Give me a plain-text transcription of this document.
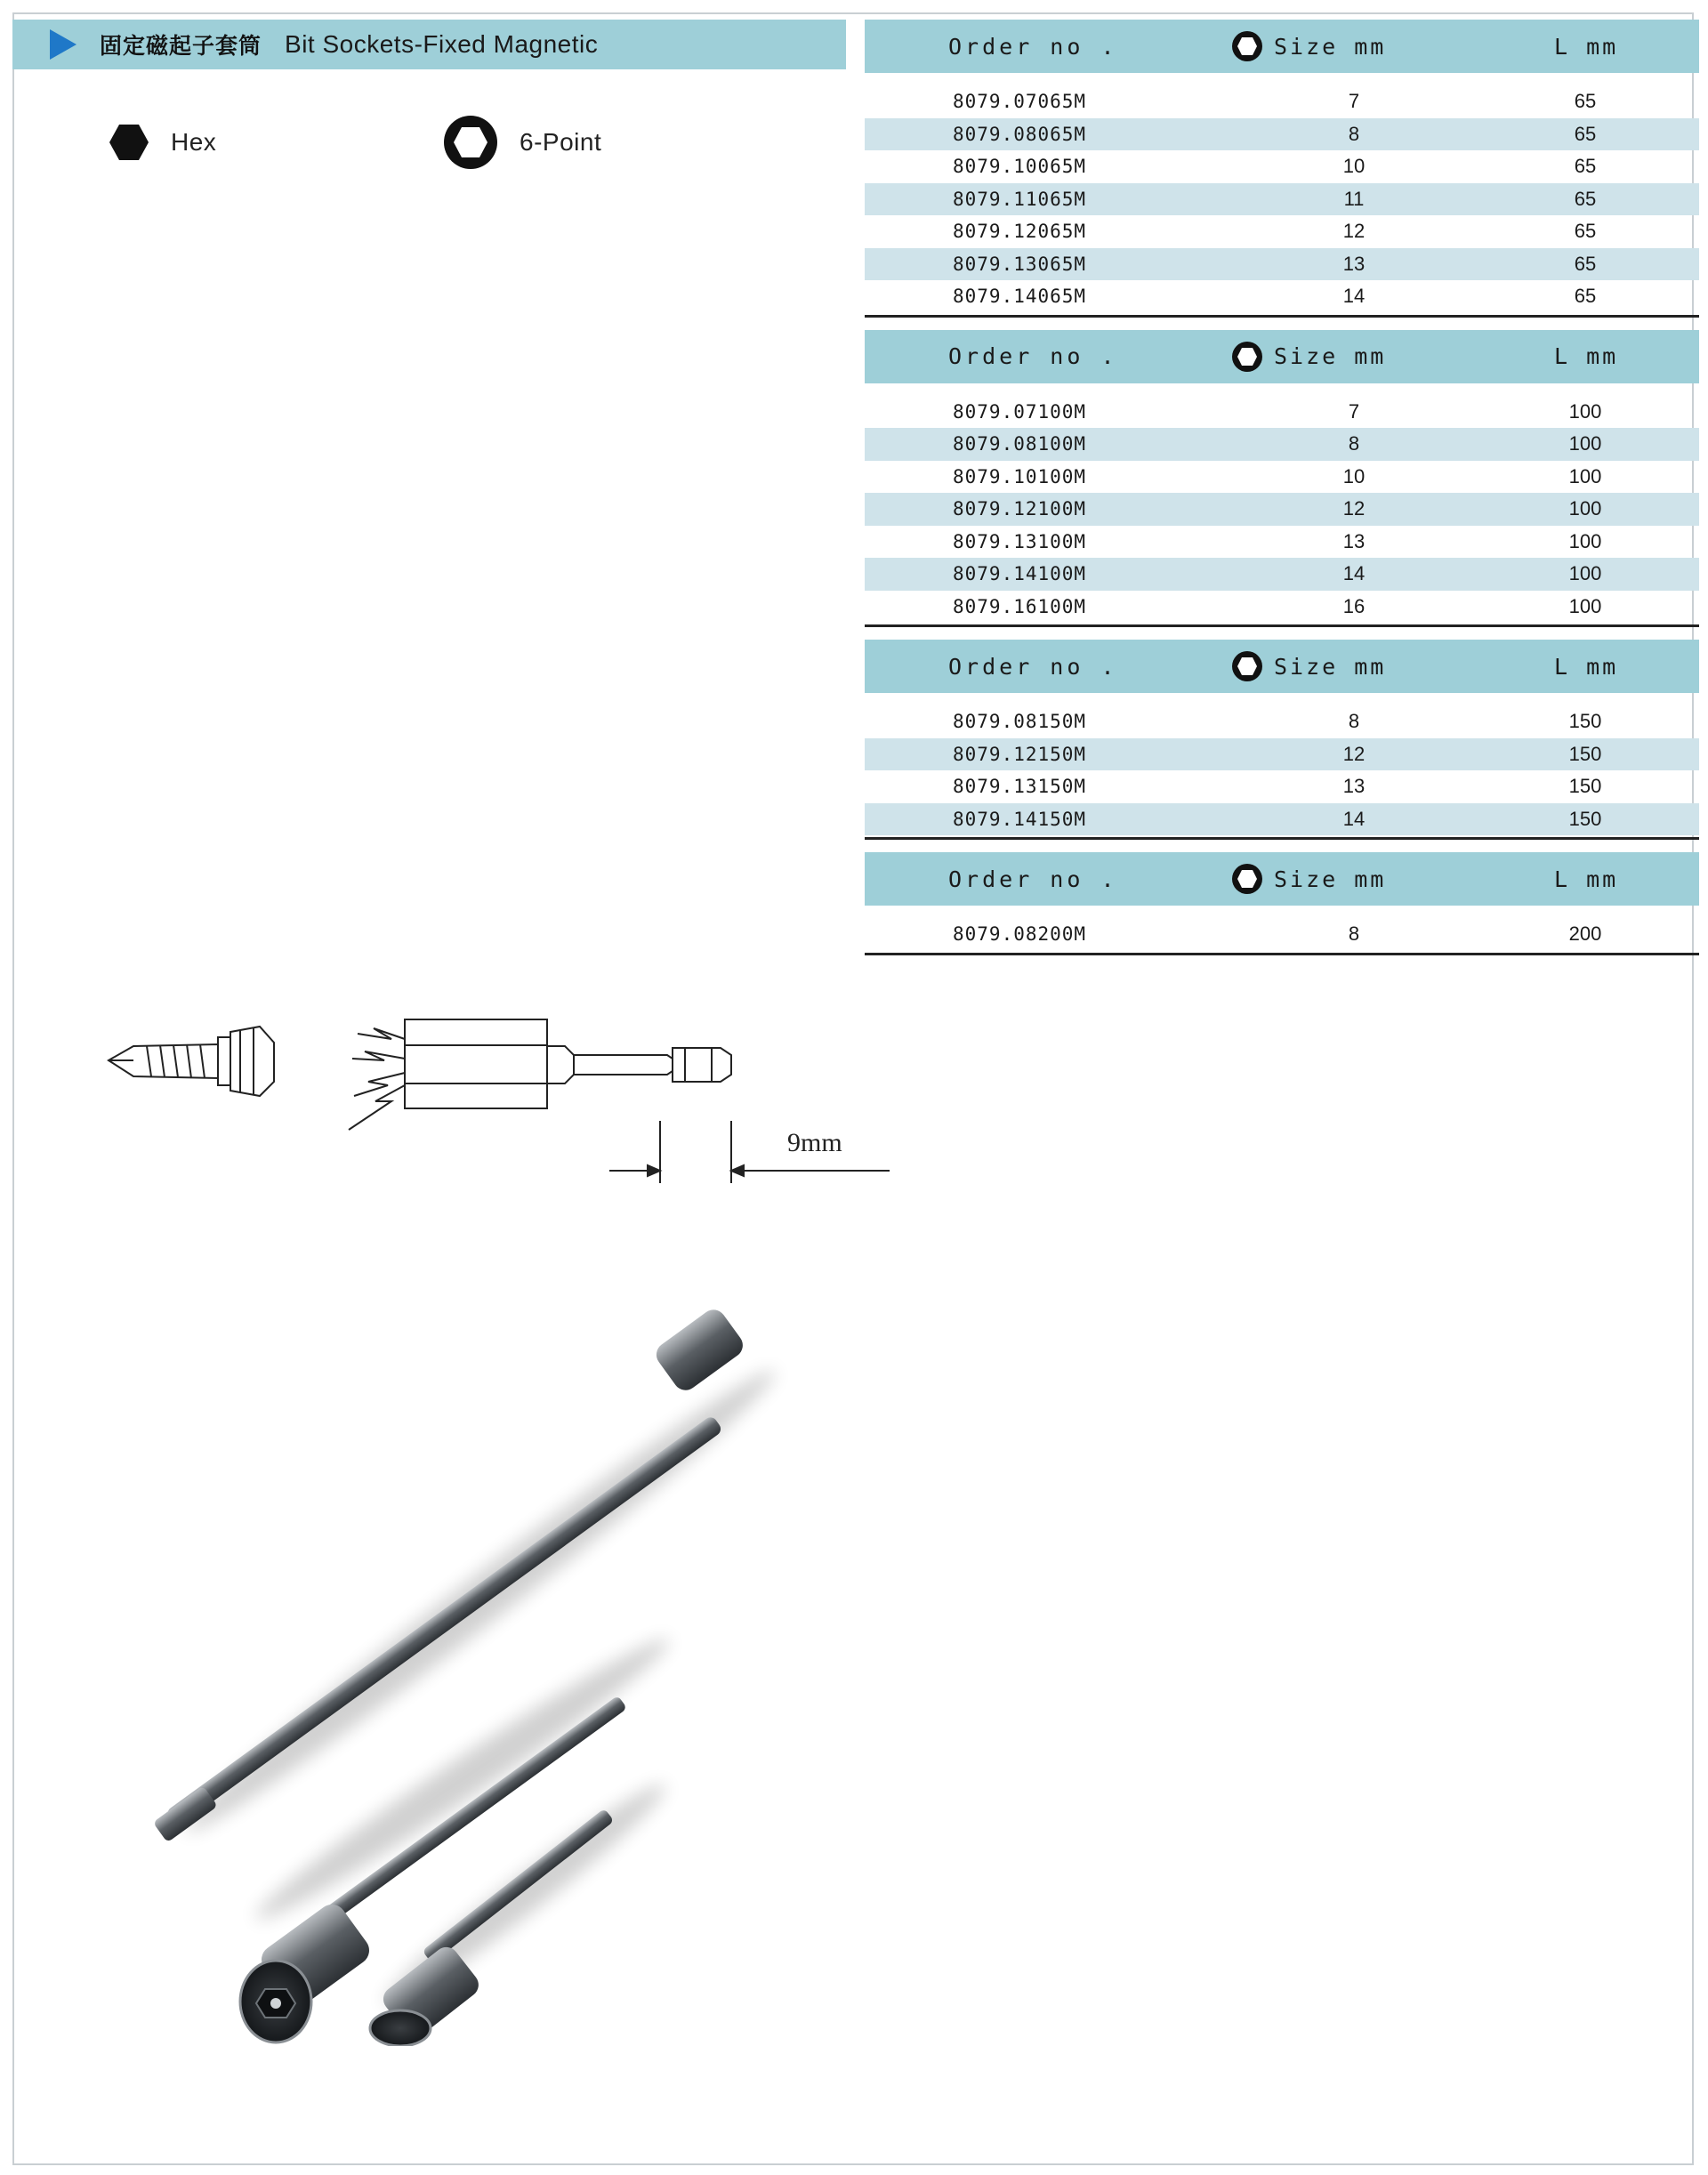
固定磁起子套筒 Bit Sockets-Fixed Magnetic
Hex	6-Point
Order no .	Size mm	L mm
8079.07065M	7	65
8079.08065M	8	65
8079.10065M	10	65
8079.11065M	11	65
8079.12065M	12	65
8079.13065M	13	65
8079.14065M	14	65
Order no .	Size mm	L mm
8079.07100M	7	100
8079.08100M	8	100
8079.10100M	10	100
8079.12100M	12	100
8079.13100M	13	100
8079.14100M	14	100
8079.16100M	16	100
Order no .	Size mm	L mm
8079.08150M	8	150
8079.12150M	12	150
8079.13150M	13	150
8079.14150M	14	150
Order no .	Size mm	L mm
8079.08200M	8	200
9mm
